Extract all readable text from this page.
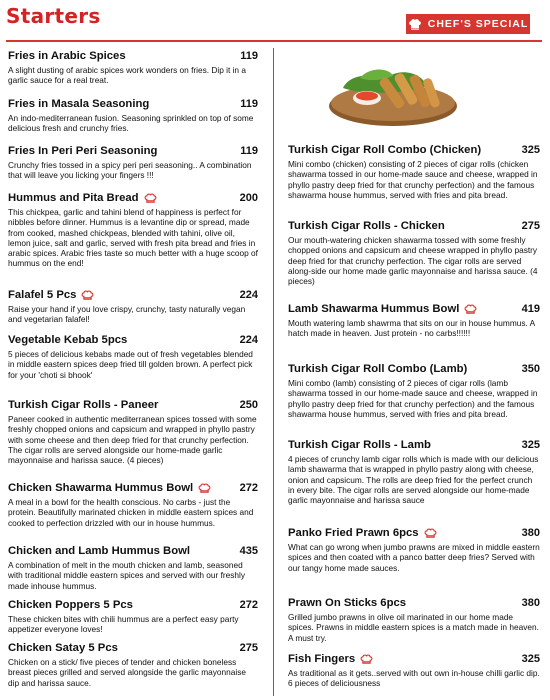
Starters	CHEF'S SPECIAL
Fries in Arabic Spices	119
A slight dusting of arabic spices work wonders on fries. Dip it in a garlic sauce for a real treat.
Fries in Masala Seasoning	119
An indo-mediterranean fusion. Seasoning sprinkled on top of some delicious fresh and crunchy fries.
Fries In Peri Peri Seasoning	119
Crunchy fries tossed in a spicy peri peri seasoning.. A combination that will leave you licking your fingers !!!
Hummus and Pita Bread	200
This chickpea, garlic and tahini blend of happiness is perfect for nibbles before dinner. Hummus is a levantine dip or spread, made from cooked, mashed chickpeas, blended with tahini, olive oil, lemon juice, salt and garlic, served with fresh pita bread and fries in arabic spices. Arabic fries taste so much better with a huge scoop of hummus on the end!
Falafel 5 Pcs	224
Raise your hand if you love crispy, crunchy, tasty naturally vegan and vegetarian falafel!
Vegetable Kebab 5pcs	224
5 pieces of delicious kebabs made out of fresh vegetables blended in middle eastern spices deep fried till golden brown. A perfect pick for your 'choti si bhook'
Turkish Cigar Rolls - Paneer	250
Paneer cooked in authentic mediterranean spices tossed with some freshly chopped onions and capsicum and wrapped in phyllo pastry with some cheese and then deep fried for that crunchy perfection. The cigar rolls are served alongside our home-made garlic mayonnaise and harissa sauce. (4 pieces)
Chicken Shawarma Hummus Bowl	272
A meal in a bowl for the health conscious. No carbs - just the protein. Beautifully marinated chicken in middle eastern spices and cooked to perfection drizzled with our in house hummus.
Chicken and Lamb Hummus Bowl	435
A combination of melt in the mouth chicken and lamb, seasoned with traditional middle eastern spices and served with our freshly made inhouse hummus.
Chicken Poppers 5 Pcs	272
These chicken bites with chili hummus are a perfect easy party appetizer everyone loves!
Chicken Satay 5 Pcs	275
Chicken on a stick/ five pieces of tender and chicken boneless breast pieces grilled and served alongside the garlic mayonnaise dip and harissa sauce.
Turkish Cigar Roll Combo (Chicken)	325
Mini combo (chicken) consisting of 2 pieces of cigar rolls (chicken shawarma tossed in our home-made sauce and cheese, wrapped in phyllo pastry deep fried for that crunchy perfection) and the famous shawarma house hummus, served with fries and pita bread.
Turkish Cigar Rolls - Chicken	275
Our mouth-watering chicken shawarma tossed with some freshly chopped onions and capsicum and cheese wrapped in phyllo pastry deep fried for that crunchy perfection. The cigar rolls are served along-side our home made garlic mayonnaise and harissa sauce. (4 pieces)
Lamb Shawarma Hummus Bowl	419
Mouth watering lamb shawrma that sits on our in house hummus. A hatch made in heaven. Just protein - no carbs!!!!!!
Turkish Cigar Roll Combo (Lamb)	350
Mini combo (lamb) consisting of 2 pieces of cigar rolls (lamb shawarma tossed in our home-made sauce and cheese, wrapped in phyllo pastry deep fried for that crunchy perfection) and the famous shawarma house hummus, served with fries and pita bread.
Turkish Cigar Rolls - Lamb	325
4 pieces of crunchy lamb cigar rolls which is made with our delicious lamb shawarma that is wrapped in phyllo pastry along with cheese, onion and capsicum. The rolls are deep fried for the perfect crunch in every bite. The cigar rolls are served alongside our home-made garlic mayonnaise and harissa sauce
Panko Fried Prawn 6pcs	380
What can go wrong when jumbo prawns are mixed in middle eastern spices and then coated with a panco batter deep fries? Served with our tangy home made sauces.
Prawn On Sticks 6pcs	380
Grilled jumbo prawns in olive oil marinated in our home made spices. Prawns in middle eastern spices is a match made in heaven. A must try.
Fish Fingers	325
As traditional as it gets..served with out own in-house chilli garlic dip. 6 pieces of deliciousness
